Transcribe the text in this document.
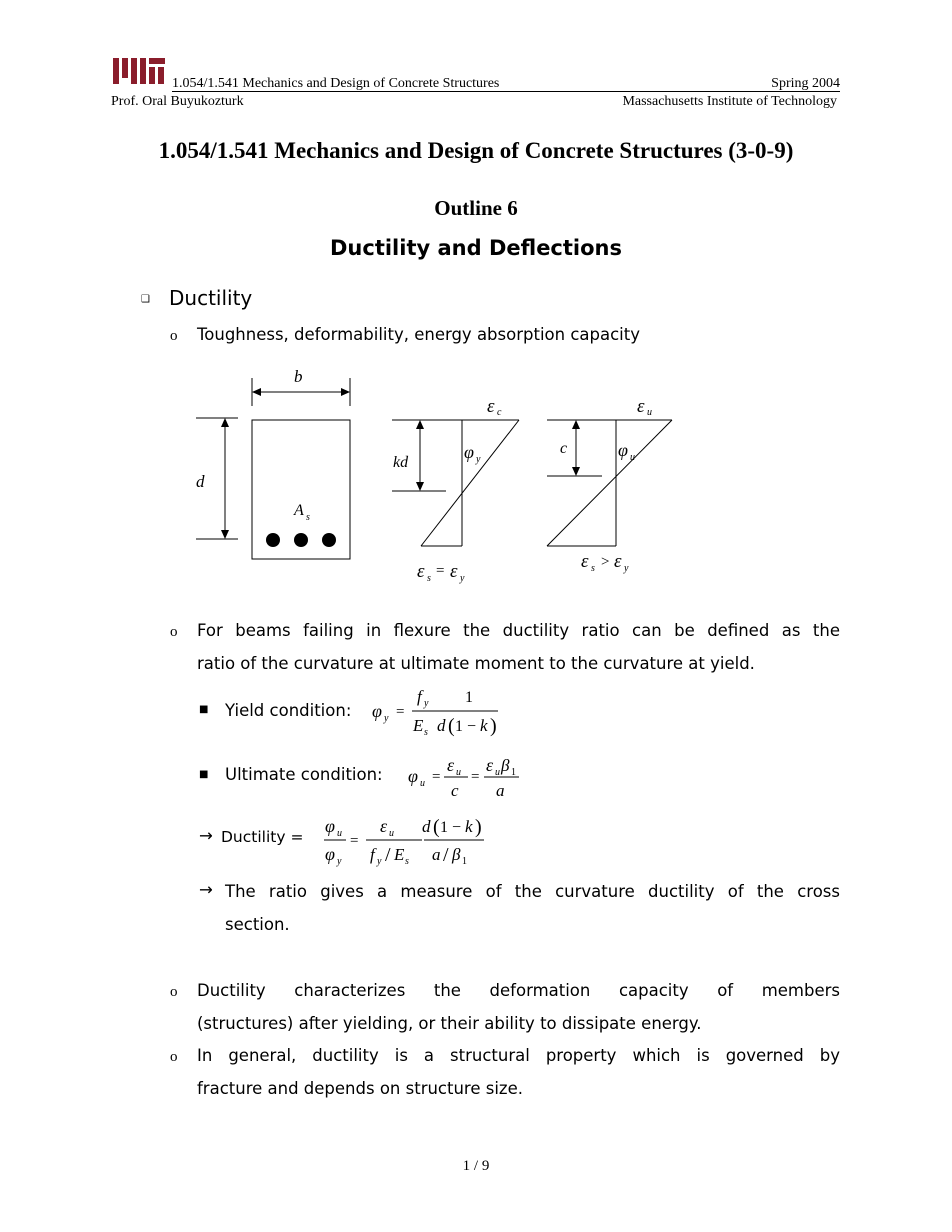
1.054/1.541 Mechanics and Design of Concrete Structures	Spring 2004
Prof. Oral Buyukozturk	Massachusetts Institute of Technology
1.054/1.541 Mechanics and Design of Concrete Structures (3-0-9)
Outline 6
Ductility and Deflections
❑ Ductility
o Toughness, deformability, energy absorption capacity
b
d
A s
kd
ε c
φ y
ε s = ε y
c
ε u
φ u
ε s > ε y
o For beams failing in flexure the ductility ratio can be defined as the
ratio of the curvature at ultimate moment to the curvature at yield.
■ Yield condition: φ y =
f y 1
E s d ( 1 − k )
■ Ultimate condition: φ u =
ε u
c
=
ε u β 1
a
→ Ductility =
φ u
φ y
=
ε u
f y / E s
d ( 1 − k )
a / β 1
→ The ratio gives a measure of the curvature ductility of the cross
section.
o Ductility characterizes the deformation capacity of members
(structures) after yielding, or their ability to dissipate energy.
o In general, ductility is a structural property which is governed by
fracture and depends on structure size.
1 / 9
